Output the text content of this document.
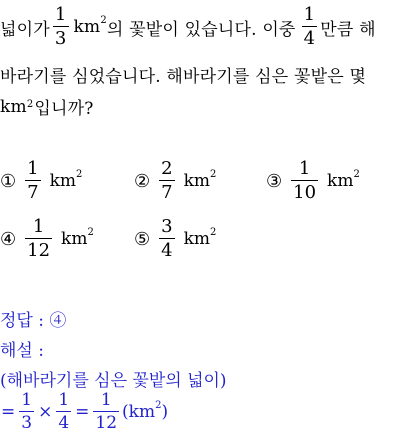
넓이가 $\frac{1}{3} km^2$ 의 꽃밭이 있습니다. 이중 $\frac{1}{4}$ 만큼 해
바라기를 심었습니다. 해바라기를 심은 꽃밭은 몇
$km^2$ 입니까?
① $\frac{1}{7} km^2$	② $\frac{2}{7} km^2$	③ $\frac{1}{10} km^2$
④ $\frac{1}{12} km^2$ ⑤ $\frac{3}{4} km^2$
정답 : ④
해설 :
(해바라기를 심은 꽃밭의 넓이)
= $\frac{1}{3} \times \frac{1}{4} = \frac{1}{12} (km^2)$
